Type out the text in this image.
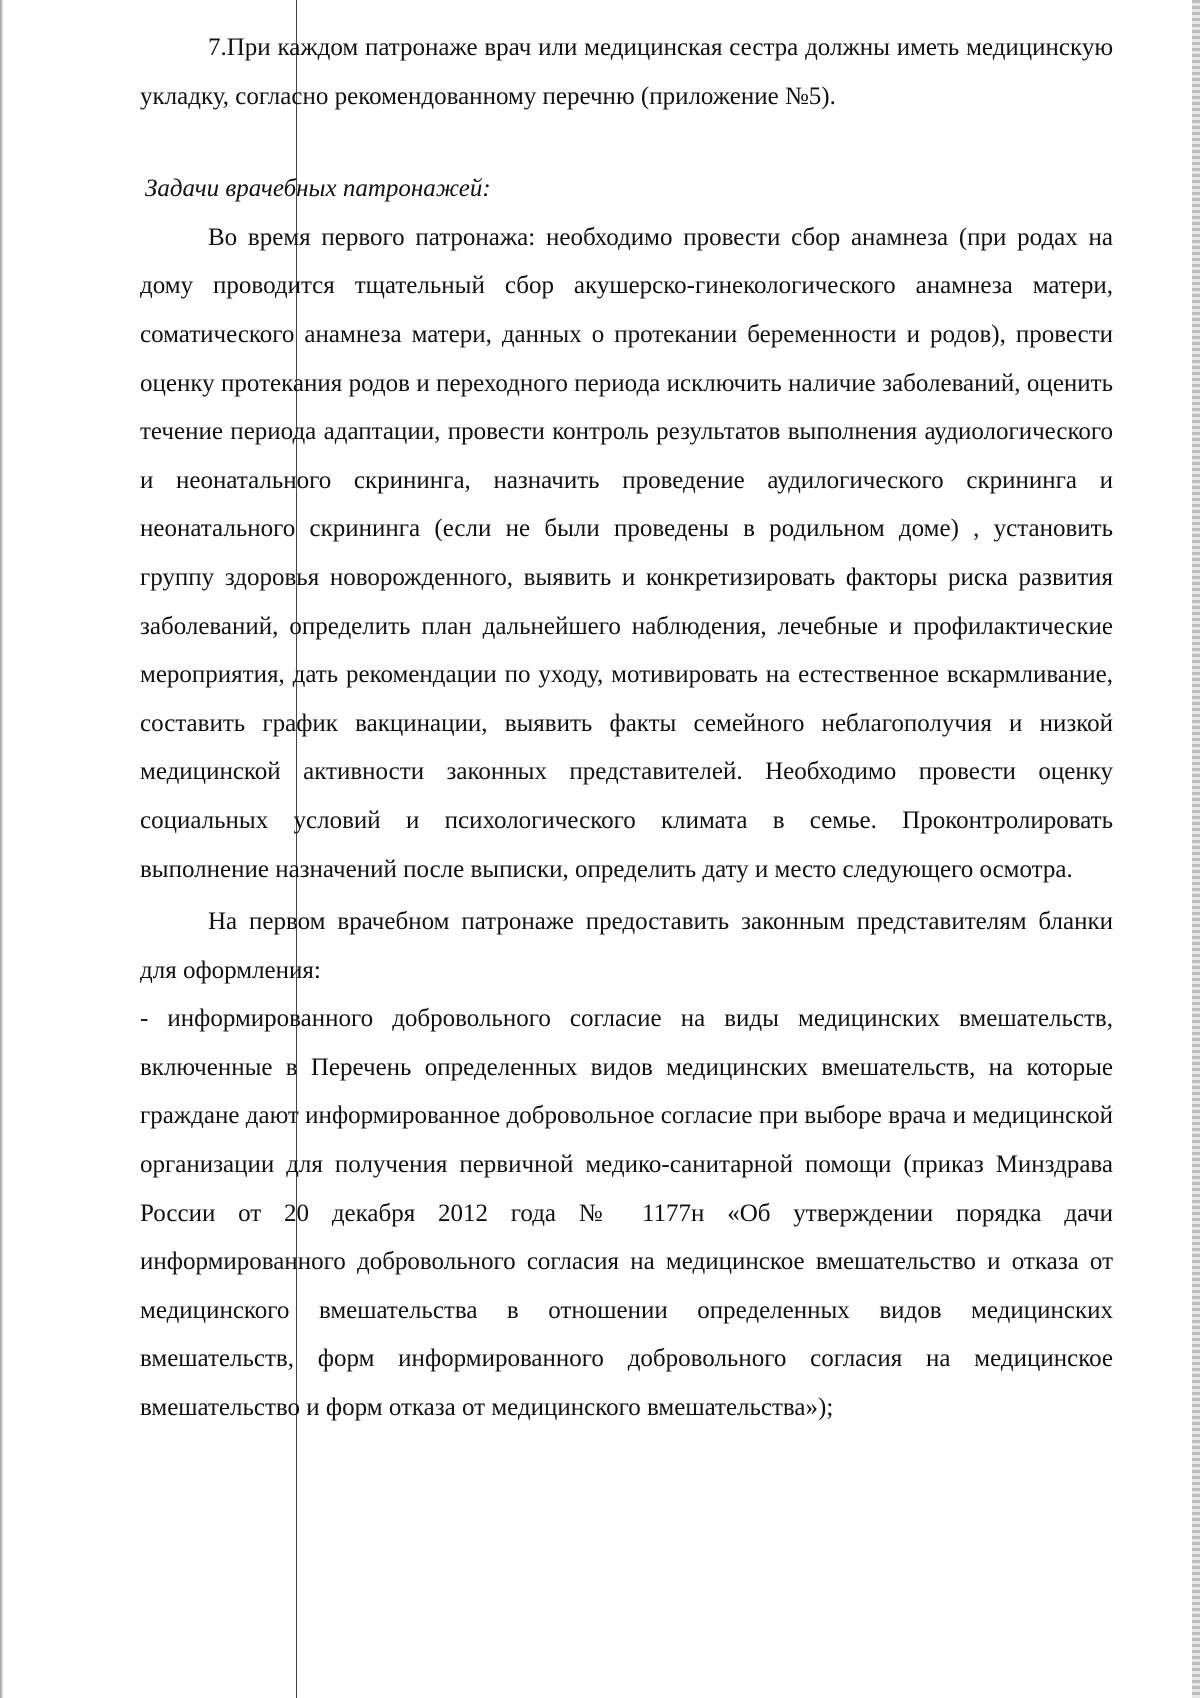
7.При каждом патронаже врач или медицинская сестра должны иметь медицинскую укладку, согласно рекомендованному перечню (приложение №5).

Задачи врачебных патронажей:

Во время первого патронажа: необходимо провести сбор анамнеза (при родах на дому проводится тщательный сбор акушерско-гинекологического анамнеза матери, соматического анамнеза матери, данных о протекании беременности и родов), провести оценку протекания родов и переходного периода исключить наличие заболеваний, оценить течение периода адаптации, провести контроль результатов выполнения аудиологического и неонатального скрининга, назначить проведение аудилогического скрининга и неонатального скрининга (если не были проведены в родильном доме) , установить группу здоровья новорожденного, выявить и конкретизировать факторы риска развития заболеваний, определить план дальнейшего наблюдения, лечебные и профилактические мероприятия, дать рекомендации по уходу, мотивировать на естественное вскармливание, составить график вакцинации, выявить факты семейного неблагополучия и низкой медицинской активности законных представителей. Необходимо провести оценку социальных условий и психологического климата в семье. Проконтролировать выполнение назначений после выписки, определить дату и место следующего осмотра.

На первом врачебном патронаже предоставить законным представителям бланки для оформления:

- информированного добровольного согласие на виды медицинских вмешательств, включенные в Перечень определенных видов медицинских вмешательств, на которые граждане дают информированное добровольное согласие при выборе врача и медицинской организации для получения первичной медико-санитарной помощи (приказ Минздрава России от 20 декабря 2012 года № 1177н «Об утверждении порядка дачи информированного добровольного согласия на медицинское вмешательство и отказа от медицинского вмешательства в отношении определенных видов медицинских вмешательств, форм информированного добровольного согласия на медицинское вмешательство и форм отказа от медицинского вмешательства»);
